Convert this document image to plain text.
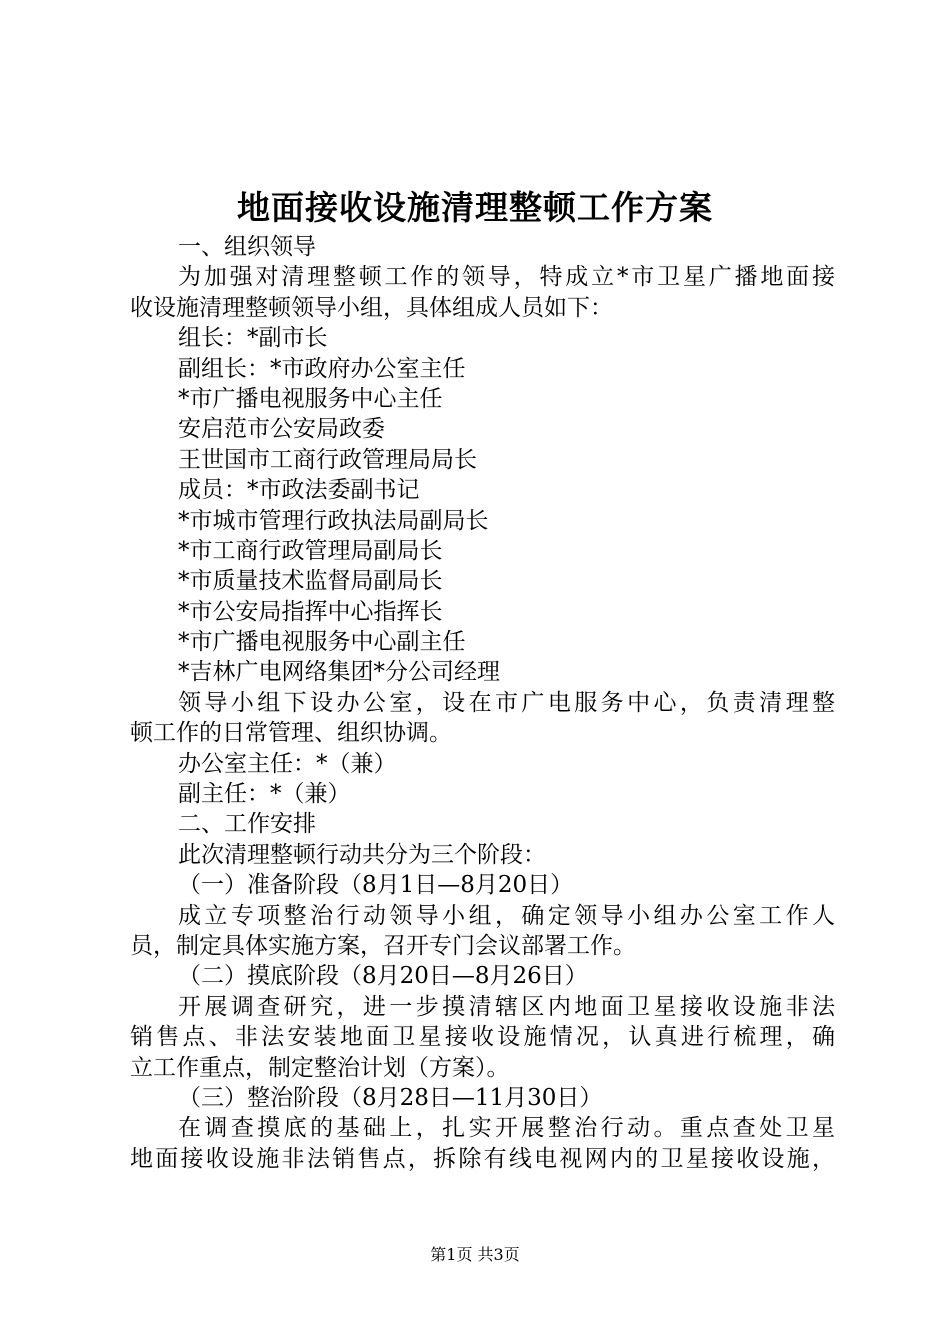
地面接收设施清理整顿工作方案
一、组织领导
为加强对清理整顿工作的领导，特成立*市卫星广播地面接
收设施清理整顿领导小组，具体组成人员如下：
组长：*副市长
副组长：*市政府办公室主任
*市广播电视服务中心主任
安启范市公安局政委
王世国市工商行政管理局局长
成员：*市政法委副书记
*市城市管理行政执法局副局长
*市工商行政管理局副局长
*市质量技术监督局副局长
*市公安局指挥中心指挥长
*市广播电视服务中心副主任
*吉林广电网络集团*分公司经理
领导小组下设办公室，设在市广电服务中心，负责清理整
顿工作的日常管理、组织协调。
办公室主任：*（兼）
副主任：*（兼）
二、工作安排
此次清理整顿行动共分为三个阶段：
（一）准备阶段（8月1日—8月20日）
成立专项整治行动领导小组，确定领导小组办公室工作人
员，制定具体实施方案，召开专门会议部署工作。
（二）摸底阶段（8月20日—8月26日）
开展调查研究，进一步摸清辖区内地面卫星接收设施非法
销售点、非法安装地面卫星接收设施情况，认真进行梳理，确
立工作重点，制定整治计划（方案）。
（三）整治阶段（8月28日—11月30日）
在调查摸底的基础上，扎实开展整治行动。重点查处卫星
地面接收设施非法销售点，拆除有线电视网内的卫星接收设施，
第1页 共3页
